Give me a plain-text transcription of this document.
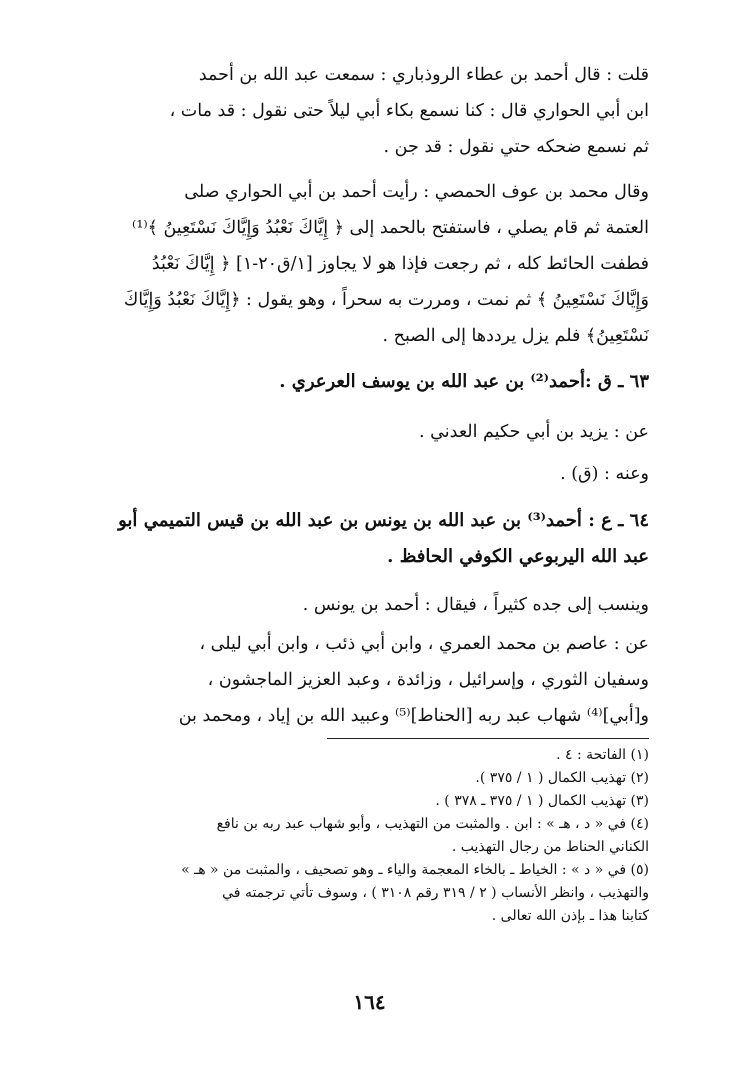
قلت : قال أحمد بن عطاء الروذباري : سمعت عبد الله بن أحمد
ابن أبي الحواري قال : كنا نسمع بكاء أبي ليلاً حتى نقول : قد مات ،
ثم نسمع ضحكه حتي نقول : قد جن .
وقال محمد بن عوف الحمصي : رأيت أحمد بن أبي الحواري صلى
العتمة ثم قام يصلي ، فاستفتح بالحمد إلى ﴿ إِيَّاكَ نَعْبُدُ وَإِيَّاكَ نَسْتَعِينُ ﴾⁽¹⁾
فطفت الحائط كله ، ثم رجعت فإذا هو لا يجاوز [١/ق٢٠-١] ﴿ إِيَّاكَ نَعْبُدُ
وَإِيَّاكَ نَسْتَعِينُ ﴾ ثم نمت ، ومررت به سحراً ، وهو يقول : ﴿إِيَّاكَ نَعْبُدُ وَإِيَّاكَ
نَسْتَعِينُ﴾ فلم يزل يرددها إلى الصبح .
٦٣ ـ ق :أحمد⁽²⁾ بن عبد الله بن يوسف العرعري .
عن : يزيد بن أبي حكيم العدني .
وعنه : (ق) .
٦٤ ـ ع : أحمد⁽³⁾ بن عبد الله بن يونس بن عبد الله بن قيس التميمي أبو
عبد الله اليربوعي الكوفي الحافظ .
وينسب إلى جده كثيراً ، فيقال : أحمد بن يونس .
عن : عاصم بن محمد العمري ، وابن أبي ذئب ، وابن أبي ليلى ،
وسفيان الثوري ، وإسرائيل ، وزائدة ، وعبد العزيز الماجشون ،
و[أبي]⁽⁴⁾ شهاب عبد ربه [الحناط]⁽⁵⁾ وعبيد الله بن إياد ، ومحمد بن
(١) الفاتحة : ٤ .
(٢) تهذيب الكمال ( ١ / ٣٧٥ ).
(٣) تهذيب الكمال ( ١ / ٣٧٥ ـ ٣٧٨ ) .
(٤) في « د ، هـ » : ابن . والمثبت من التهذيب ، وأبو شهاب عبد ربه بن نافع
الكناني الحناط من رجال التهذيب .
(٥) في « د » : الخياط ـ بالخاء المعجمة والياء ـ وهو تصحيف ، والمثبت من « هـ »
والتهذيب ، وانظر الأنساب ( ٢ / ٣١٩ رقم ٣١٠٨ ) ، وسوف تأتي ترجمته في
كتابنا هذا ـ بإذن الله تعالى .
١٦٤
